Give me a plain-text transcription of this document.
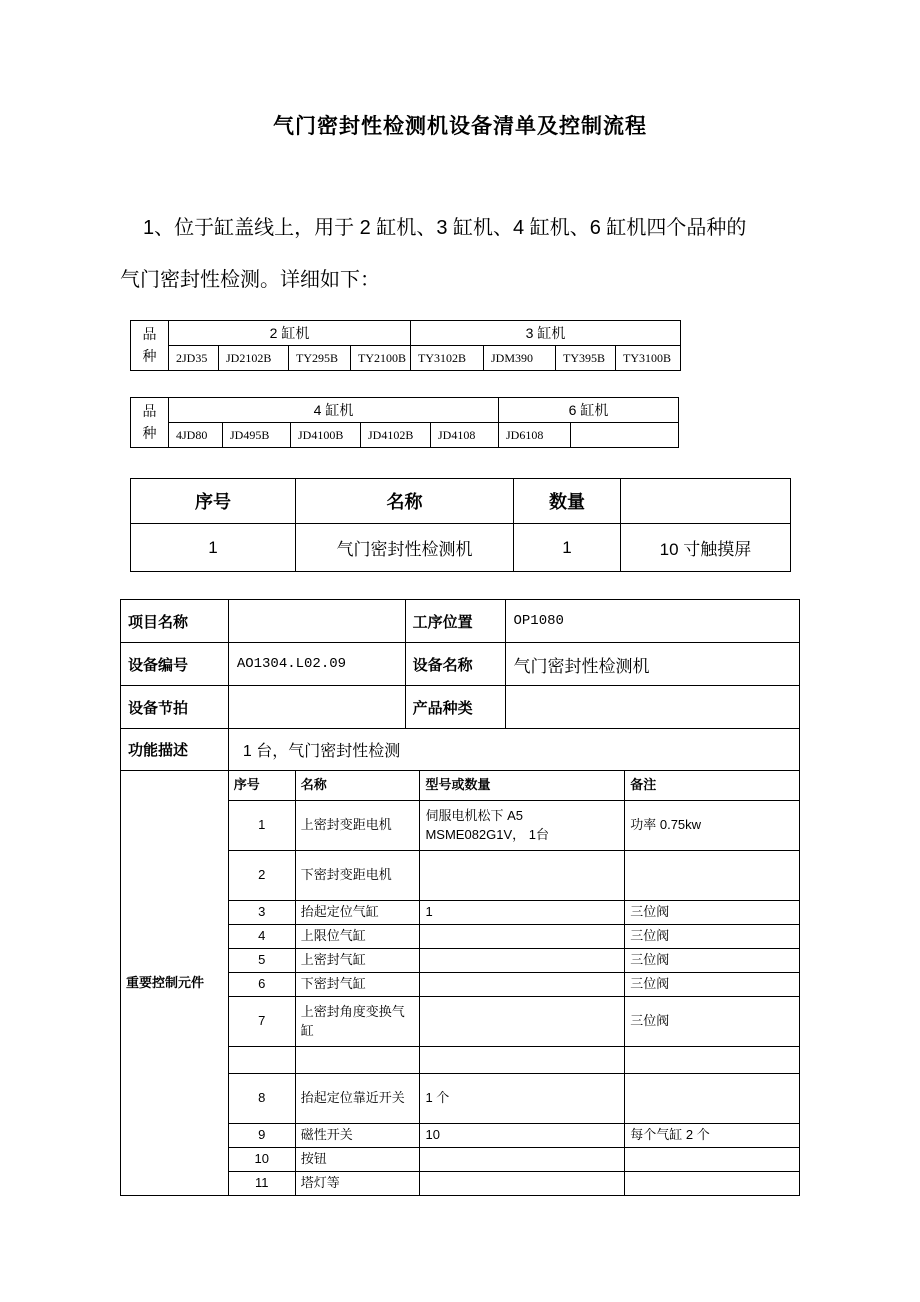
气门密封性检测机设备清单及控制流程
1、位于缸盖线上，用于 2 缸机、3 缸机、4 缸机、6 缸机四个品种的
气门密封性检测。详细如下：
品种	2 缸机				3 缸机			
	2JD35	JD2102B	TY295B	TY2100B	TY3102B	JDM390	TY395B	TY3100B
品种	4 缸机					6 缸机	
	4JD80	JD495B	JD4100B	JD4102B	JD4108	JD6108	
序号	名称	数量	
1	气门密封性检测机	1	10 寸触摸屏
项目名称		工序位置	OP1080
设备编号	AO1304.L02.09	设备名称	气门密封性检测机
设备节拍		产品种类	
功能描述	1 台，气门密封性检测
重要控制元件	序号	名称	型号或数量	备注
	1	上密封变距电机	伺服电机松下 A5 MSME082G1V， 1台	功率 0.75kw
	2	下密封变距电机		
	3	抬起定位气缸	1	三位阀
	4	上限位气缸		三位阀
	5	上密封气缸		三位阀
	6	下密封气缸		三位阀
	7	上密封角度变换气缸		三位阀

	8	抬起定位靠近开关	1 个	
	9	磁性开关	10	每个气缸 2 个
	10	按钮		
	11	塔灯等		
